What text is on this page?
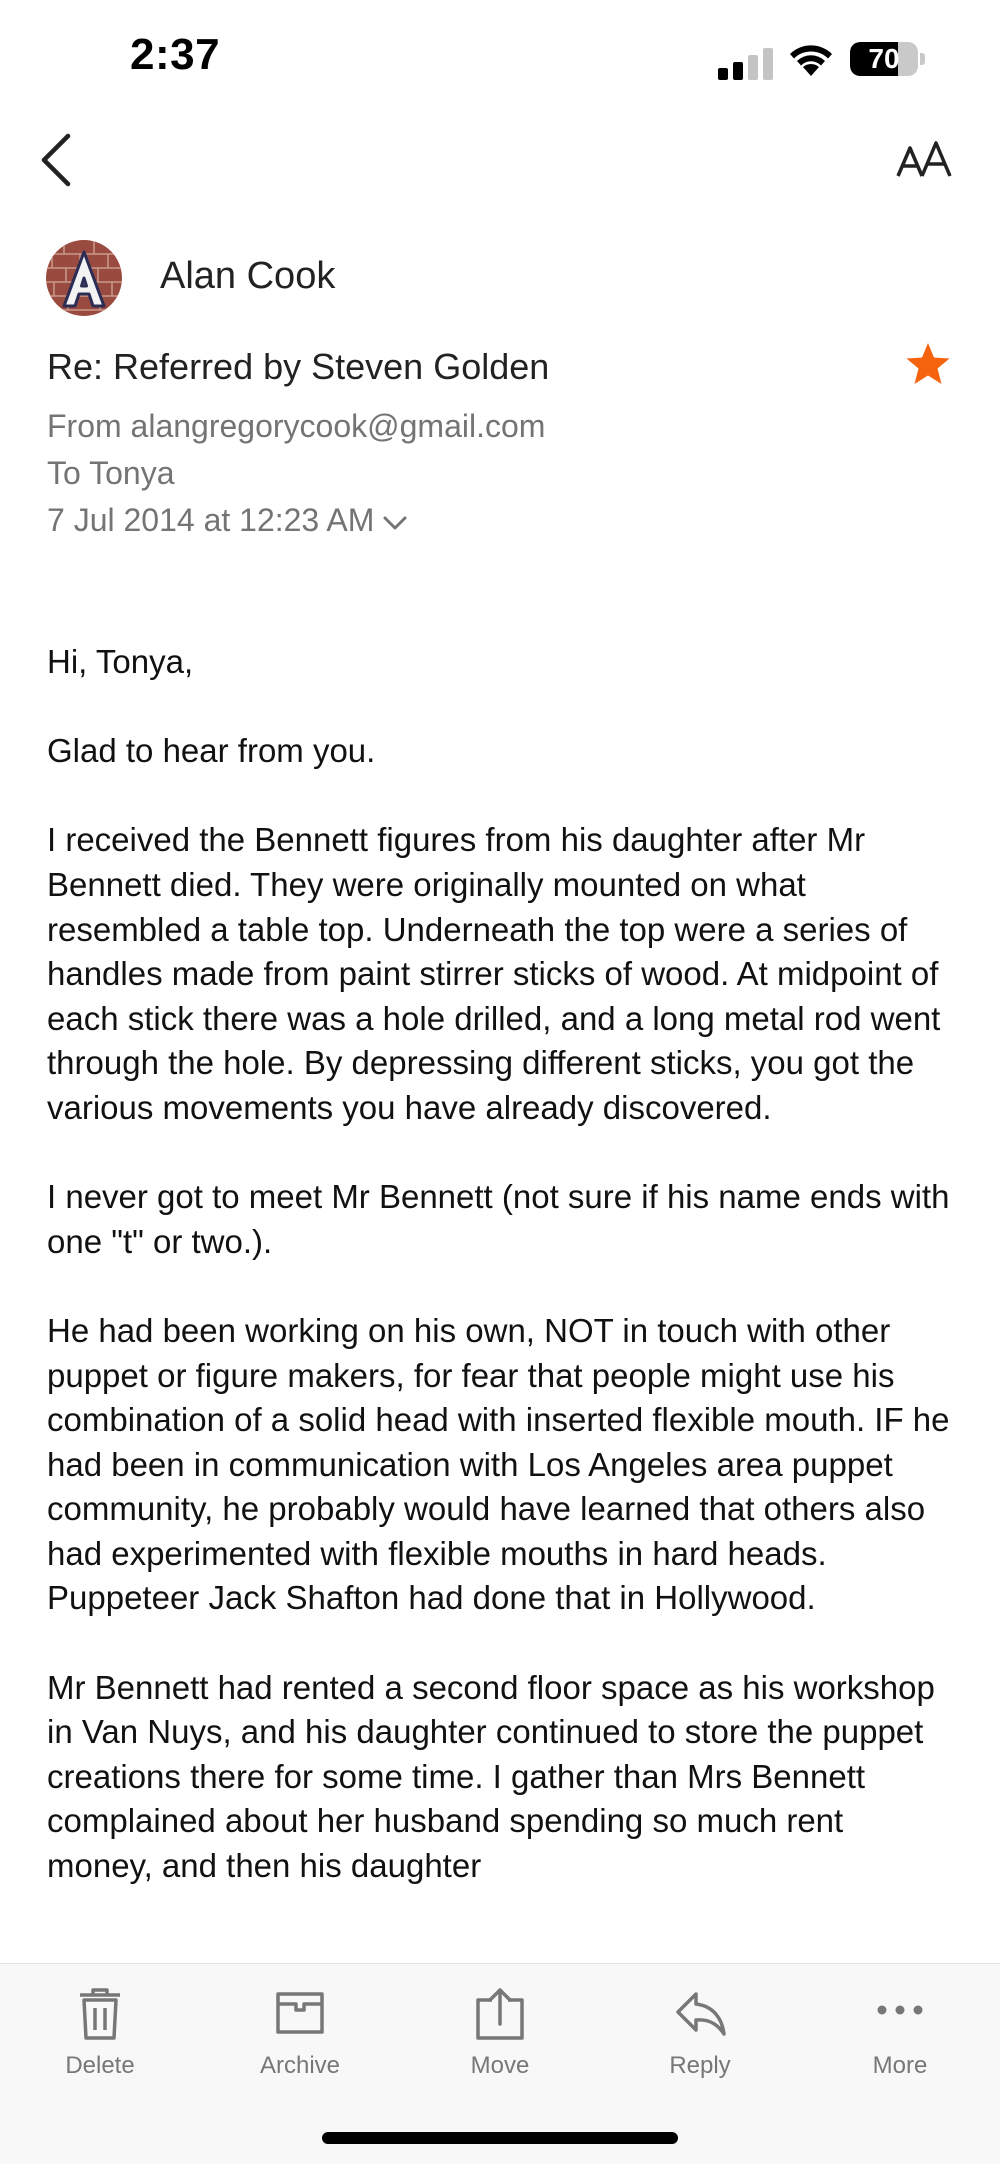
2:37	70
Alan Cook
Re: Referred by Steven Golden
From alangregorycook@gmail.com
To Tonya
7 Jul 2014 at 12:23 AM

Hi, Tonya,

Glad to hear from you.

I received the Bennett figures from his daughter after Mr Bennett died. They were originally mounted on what resembled a table top. Underneath the top were a series of handles made from paint stirrer sticks of wood. At midpoint of each stick there was a hole drilled, and a long metal rod went through the hole. By depressing different sticks, you got the various movements you have already discovered.

I never got to meet Mr Bennett (not sure if his name ends with one "t" or two.).

He had been working on his own, NOT in touch with other puppet or figure makers, for fear that people might use his combination of a solid head with inserted flexible mouth. IF he had been in communication with Los Angeles area puppet community, he probably would have learned that others also had experimented with flexible mouths in hard heads. Puppeteer Jack Shafton had done that in Hollywood.

Mr Bennett had rented a second floor space as his workshop in Van Nuys, and his daughter continued to store the puppet creations there for some time. I gather than Mrs Bennett complained about her husband spending so much rent money, and then his daughter

Delete	Archive	Move	Reply	More
